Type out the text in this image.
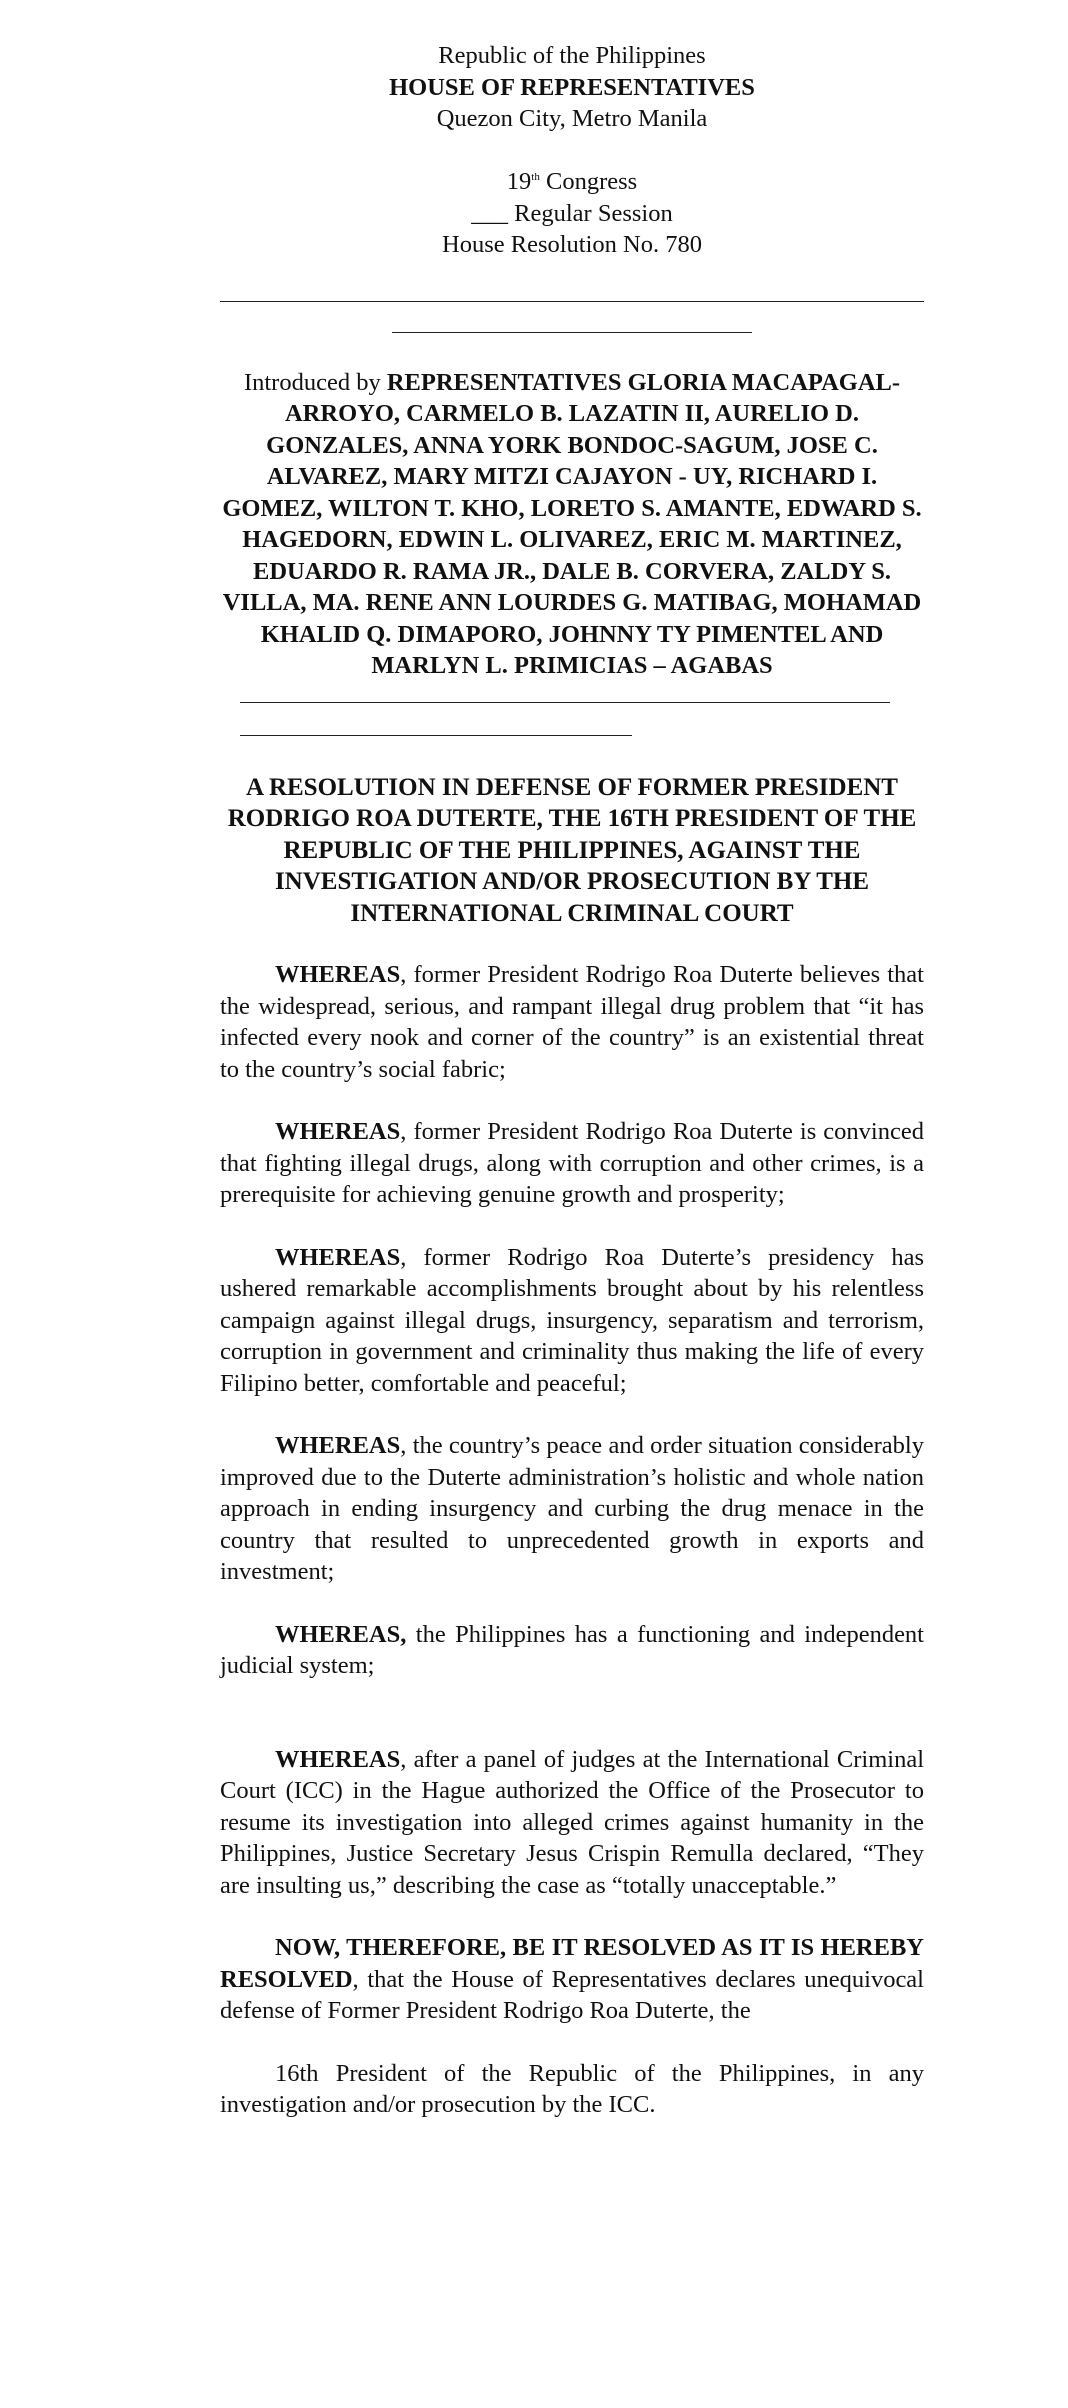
Republic of the Philippines
HOUSE OF REPRESENTATIVES
Quezon City, Metro Manila
19th Congress
___ Regular Session
House Resolution No. 780
Introduced by REPRESENTATIVES GLORIA MACAPAGAL-ARROYO, CARMELO B. LAZATIN II, AURELIO D. GONZALES, ANNA YORK BONDOC-SAGUM, JOSE C. ALVAREZ, MARY MITZI CAJAYON - UY, RICHARD I. GOMEZ, WILTON T. KHO, LORETO S. AMANTE, EDWARD S. HAGEDORN, EDWIN L. OLIVAREZ, ERIC M. MARTINEZ, EDUARDO R. RAMA JR., DALE B. CORVERA, ZALDY S. VILLA, MA. RENE ANN LOURDES G. MATIBAG, MOHAMAD KHALID Q. DIMAPORO, JOHNNY TY PIMENTEL AND MARLYN L. PRIMICIAS – AGABAS
A RESOLUTION IN DEFENSE OF FORMER PRESIDENT RODRIGO ROA DUTERTE, THE 16TH PRESIDENT OF THE REPUBLIC OF THE PHILIPPINES, AGAINST THE INVESTIGATION AND/OR PROSECUTION BY THE INTERNATIONAL CRIMINAL COURT

WHEREAS, former President Rodrigo Roa Duterte believes that the widespread, serious, and rampant illegal drug problem that “it has infected every nook and corner of the country” is an existential threat to the country’s social fabric;

WHEREAS, former President Rodrigo Roa Duterte is convinced that fighting illegal drugs, along with corruption and other crimes, is a prerequisite for achieving genuine growth and prosperity;

WHEREAS, former Rodrigo Roa Duterte’s presidency has ushered remarkable accomplishments brought about by his relentless campaign against illegal drugs, insurgency, separatism and terrorism, corruption in government and criminality thus making the life of every Filipino better, comfortable and peaceful;

WHEREAS, the country’s peace and order situation considerably improved due to the Duterte administration’s holistic and whole nation approach in ending insurgency and curbing the drug menace in the country that resulted to unprecedented growth in exports and investment;

WHEREAS, the Philippines has a functioning and independent judicial system;

WHEREAS, after a panel of judges at the International Criminal Court (ICC) in the Hague authorized the Office of the Prosecutor to resume its investigation into alleged crimes against humanity in the Philippines, Justice Secretary Jesus Crispin Remulla declared, “They are insulting us,” describing the case as “totally unacceptable.”

NOW, THEREFORE, BE IT RESOLVED AS IT IS HEREBY RESOLVED, that the House of Representatives declares unequivocal defense of Former President Rodrigo Roa Duterte, the

16th President of the Republic of the Philippines, in any investigation and/or prosecution by the ICC.
